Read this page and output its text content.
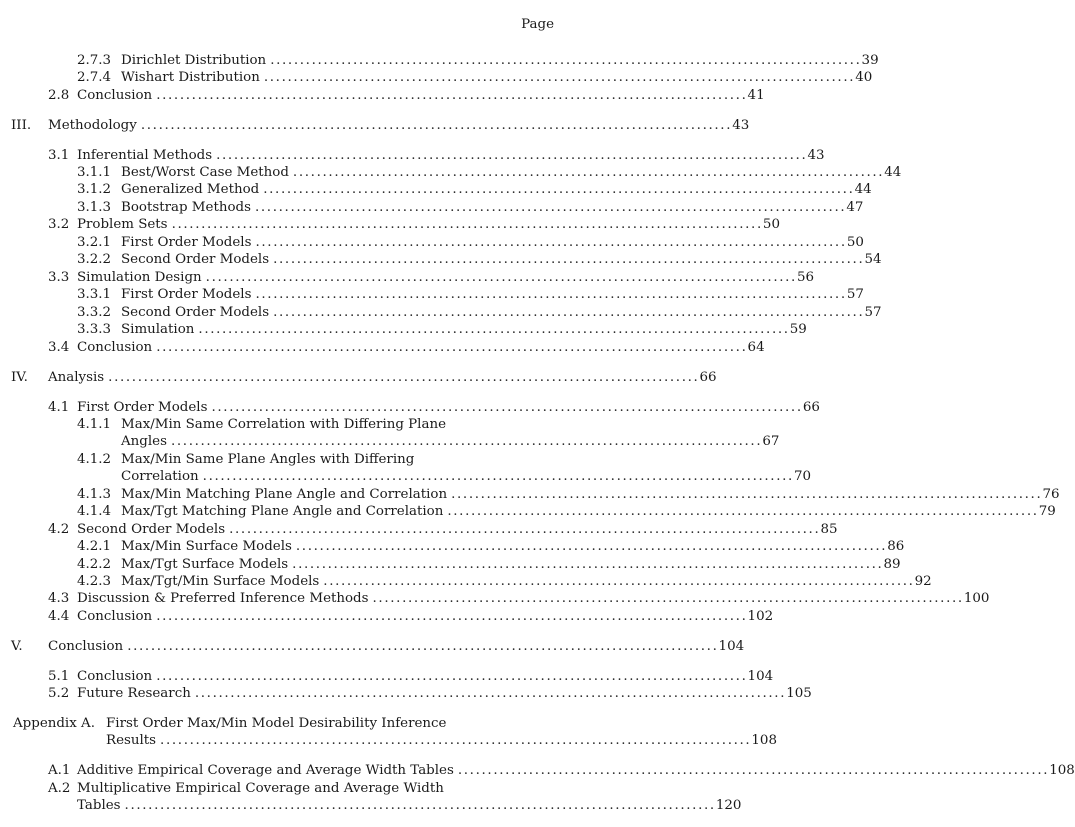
Page
2.7.3 Dirichlet Distribution . . .	39
2.7.4 Wishart Distribution . . .	40
2.8 Conclusion . . .	41
III. Methodology . . .	43
3.1 Inferential Methods . . .	43
3.1.1 Best/Worst Case Method . . .	44
3.1.2 Generalized Method . . .	44
3.1.3 Bootstrap Methods . . .	47
3.2 Problem Sets . . .	50
3.2.1 First Order Models . . .	50
3.2.2 Second Order Models . . .	54
3.3 Simulation Design . . .	56
3.3.1 First Order Models . . .	57
3.3.2 Second Order Models . . .	57
3.3.3 Simulation . . .	59
3.4 Conclusion . . .	64
IV. Analysis . . .	66
4.1 First Order Models . . .	66
4.1.1 Max/Min Same Correlation with Differing Plane
Angles . . .	67
4.1.2 Max/Min Same Plane Angles with Differing
Correlation . . .	70
4.1.3 Max/Min Matching Plane Angle and Correlation . . .	76
4.1.4 Max/Tgt Matching Plane Angle and Correlation . . .	79
4.2 Second Order Models . . .	85
4.2.1 Max/Min Surface Models . . .	86
4.2.2 Max/Tgt Surface Models . . .	89
4.2.3 Max/Tgt/Min Surface Models . . .	92
4.3 Discussion & Preferred Inference Methods . . .	100
4.4 Conclusion . . .	102
V. Conclusion . . .	104
5.1 Conclusion . . .	104
5.2 Future Research . . .	105
Appendix A. First Order Max/Min Model Desirability Inference
Results . . .	108
A.1 Additive Empirical Coverage and Average Width Tables . . .	108
A.2 Multiplicative Empirical Coverage and Average Width
Tables . . .	120
